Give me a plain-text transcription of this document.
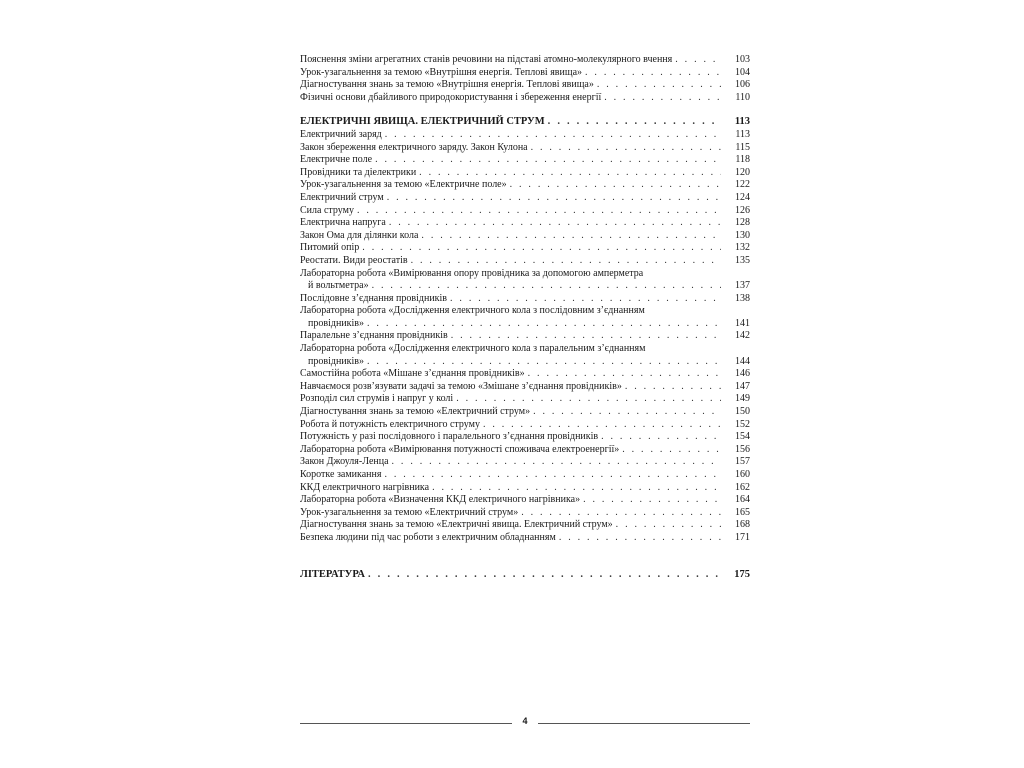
Пояснення зміни агрегатних станів речовини на підставі атомно-молекулярного вчення . . .	103
Урок-узагальнення за темою «Внутрішня енергія. Теплові явища» . . .	104
Діагностування знань за темою «Внутрішня енергія. Теплові явища» . . .	106
Фізичні основи дбайливого природокористування і збереження енергії . . .	110
ЕЛЕКТРИЧНІ ЯВИЩА. ЕЛЕКТРИЧНИЙ СТРУМ . . .	113
Електричний заряд . . .	113
Закон збереження електричного заряду. Закон Кулона . . .	115
Електричне поле . . .	118
Провідники та діелектрики . . .	120
Урок-узагальнення за темою «Електричне поле» . . .	122
Електричний струм . . .	124
Сила струму . . .	126
Електрична напруга . . .	128
Закон Ома для ділянки кола . . .	130
Питомий опір . . .	132
Реостати. Види реостатів . . .	135
Лабораторна робота «Вимірювання опору провідника за допомогою амперметра
й вольтметра» . . .	137
Послідовне з’єднання провідників . . .	138
Лабораторна робота «Дослідження електричного кола з послідовним з’єднанням
провідників» . . .	141
Паралельне з’єднання провідників . . .	142
Лабораторна робота «Дослідження електричного кола з паралельним з’єднанням
провідників» . . .	144
Самостійна робота «Мішане з’єднання провідників» . . .	146
Навчаємося розв’язувати задачі за темою «Змішане з’єднання провідників» . . .	147
Розподіл сил струмів і напруг у колі . . .	149
Діагностування знань за темою «Електричний струм» . . .	150
Робота й потужність електричного струму . . .	152
Потужність у разі послідовного і паралельного з’єднання провідників . . .	154
Лабораторна робота «Вимірювання потужності споживача електроенергії» . . .	156
Закон Джоуля-Ленца . . .	157
Коротке замикання . . .	160
ККД електричного нагрівника . . .	162
Лабораторна робота «Визначення ККД електричного нагрівника» . . .	164
Урок-узагальнення за темою «Електричний струм» . . .	165
Діагностування знань за темою «Електричні явища. Електричний струм» . . .	168
Безпека людини під час роботи з електричним обладнанням . . .	171
ЛІТЕРАТУРА . . .	175
4
